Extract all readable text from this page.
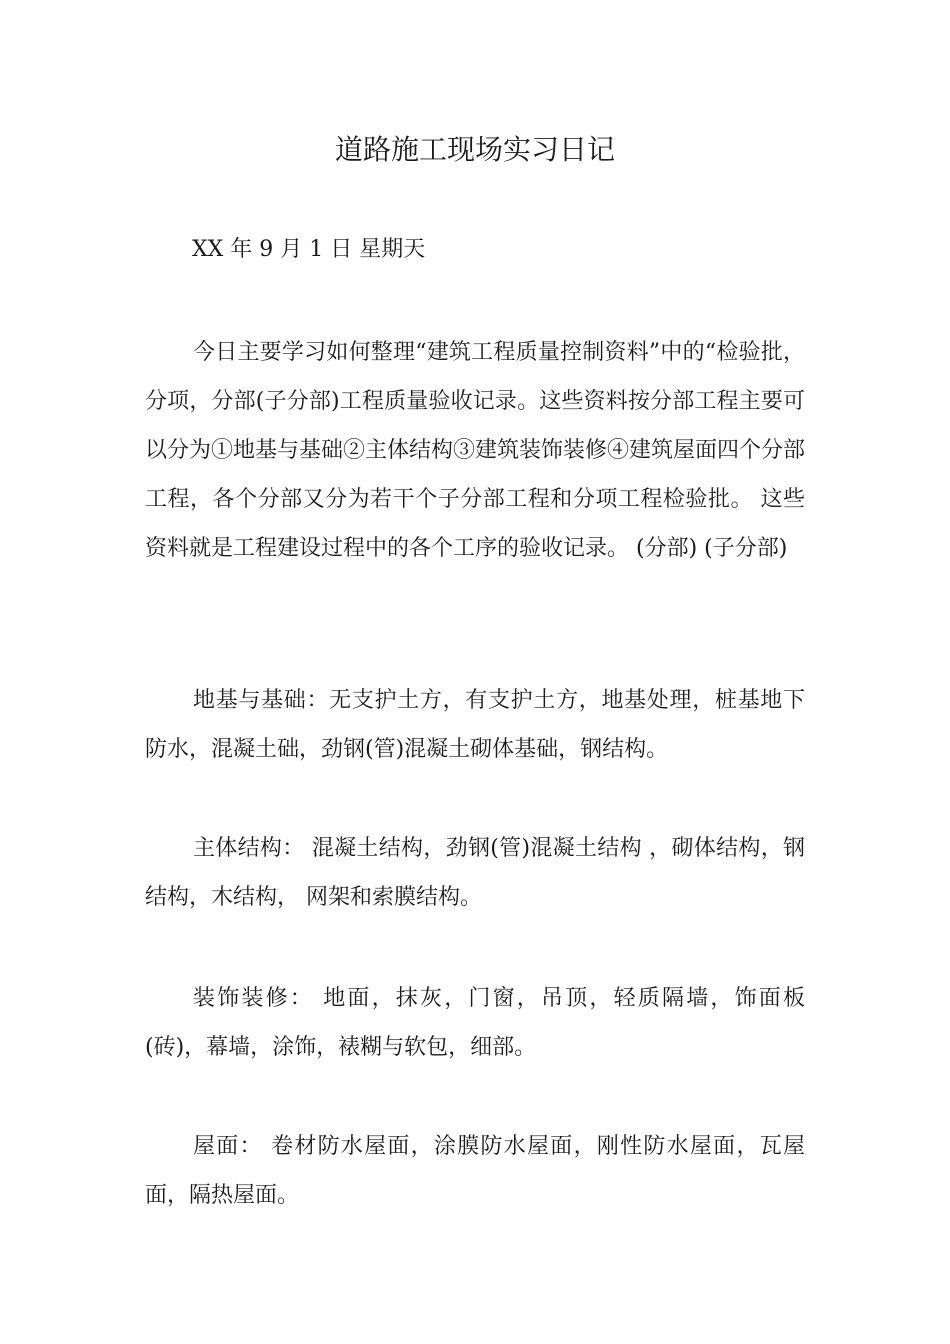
道路施工现场实习日记

XX 年 9 月 1 日 星期天

今日主要学习如何整理“建筑工程质量控制资料”中的“检验批，分项，分部(子分部)工程质量验收记录。这些资料按分部工程主要可以分为①地基与基础②主体结构③建筑装饰装修④建筑屋面四个分部工程，各个分部又分为若干个子分部工程和分项工程检验批。 这些资料就是工程建设过程中的各个工序的验收记录。 (分部) (子分部)

地基与基础：无支护土方，有支护土方，地基处理，桩基地下防水，混凝土础，劲钢(管)混凝土砌体基础，钢结构。

主体结构： 混凝土结构，劲钢(管)混凝土结构 ，砌体结构，钢结构，木结构， 网架和索膜结构。

装饰装修： 地面，抹灰，门窗，吊顶，轻质隔墙，饰面板(砖)，幕墙，涂饰，裱糊与软包，细部。

屋面： 卷材防水屋面，涂膜防水屋面，刚性防水屋面，瓦屋面，隔热屋面。
